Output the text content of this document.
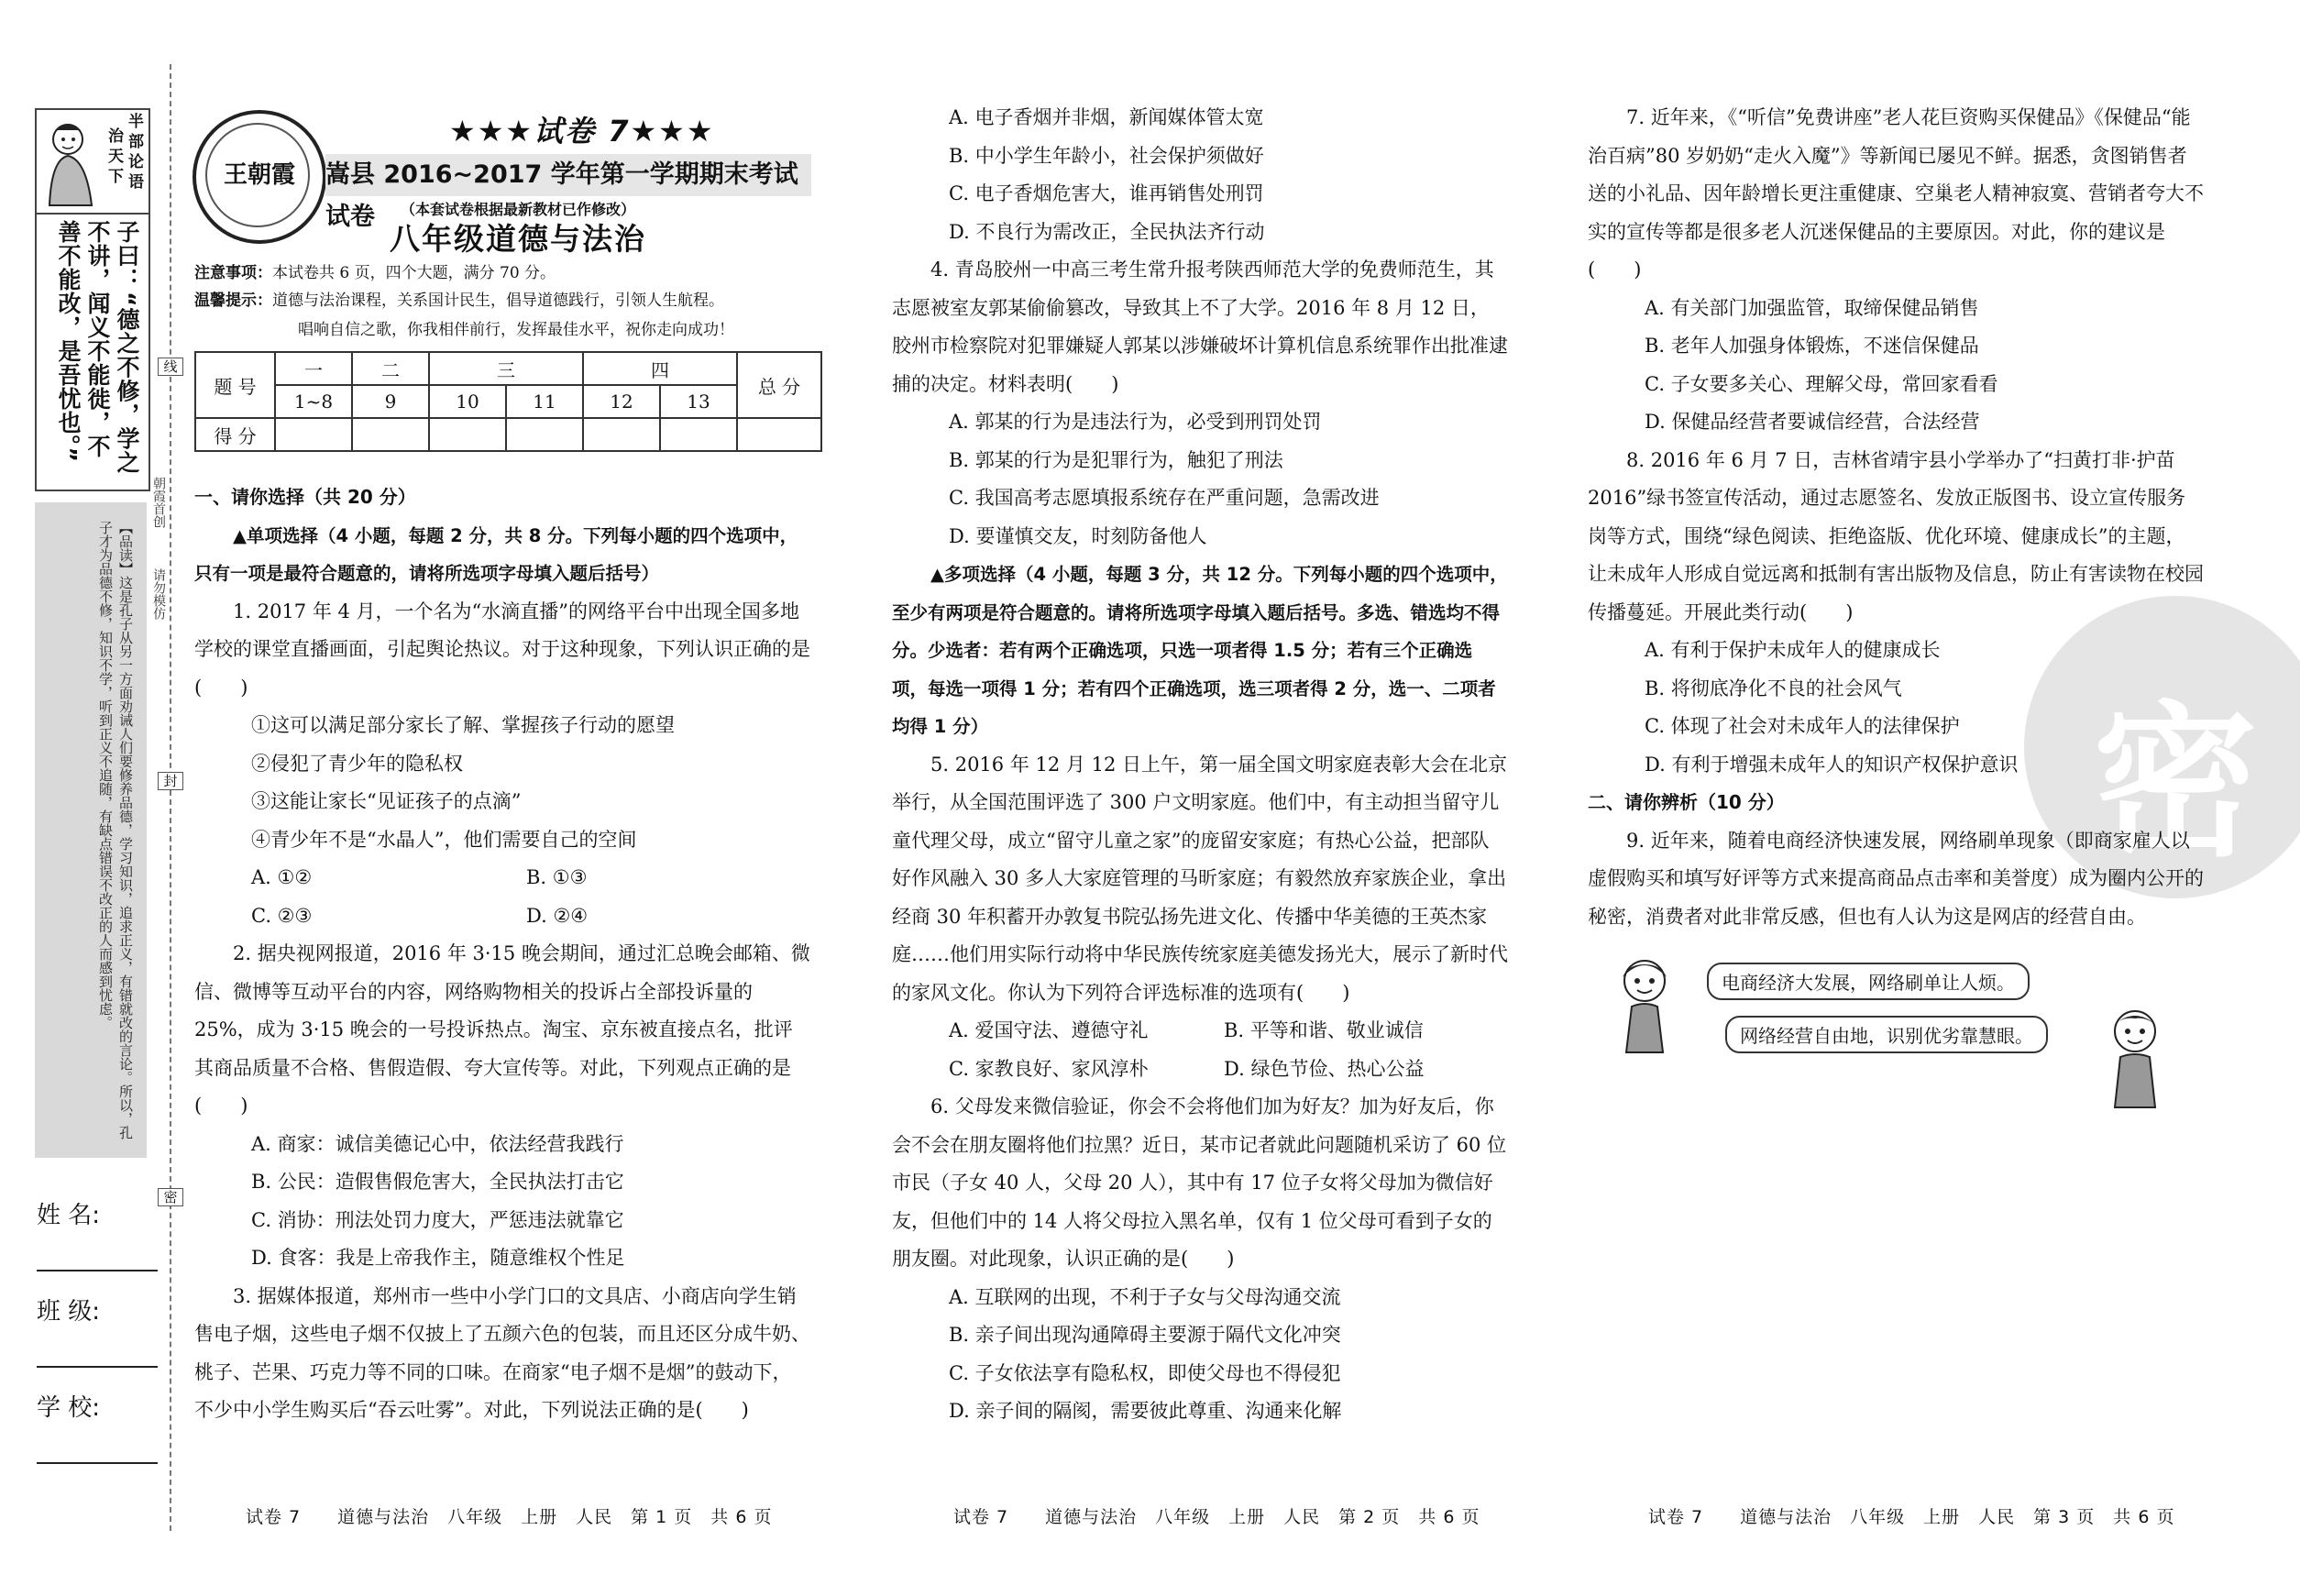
半
部
论
语
治
天
下
子曰：“德之不修，学之不讲，闻义不能徙，不善不能改，是吾忧也。”
【品读】这是孔子从另一方面劝诫人们要修养品德，学习知识，追求正义，有错就改的言论。所以，孔子才为品德不修，知识不学，听到正义不追随，有缺点错误不改正的人而感到忧虑。
线
封
密
朝霞首创
请勿模仿
姓 名:
班 级:
学 校:
王朝霞
★★★试卷 7★★★
嵩县 2016~2017 学年第一学期期末考试试卷	（本套试卷根据最新教材已作修改）
八年级道德与法治
注意事项：本试卷共 6 页，四个大题，满分 70 分。
温馨提示：道德与法治课程，关系国计民生，倡导道德践行，引领人生航程。
唱响自信之歌，你我相伴前行，发挥最佳水平，祝你走向成功！
题 号	一	二	三		四		总 分
	1~8	9	10	11	12	13	
得 分							

一、请你选择（共 20 分）

▲单项选择（4 小题，每题 2 分，共 8 分。下列每小题的四个选项中，只有一项是最符合题意的，请将所选项字母填入题后括号）

1. 2017 年 4 月，一个名为“水滴直播”的网络平台中出现全国多地学校的课堂直播画面，引起舆论热议。对于这种现象，下列认识正确的是(　　)

①这可以满足部分家长了解、掌握孩子行动的愿望

②侵犯了青少年的隐私权

③这能让家长“见证孩子的点滴”

④青少年不是“水晶人”，他们需要自己的空间

A. ①②	B. ①③
C. ②③	D. ②④

2. 据央视网报道，2016 年 3·15 晚会期间，通过汇总晚会邮箱、微信、微博等互动平台的内容，网络购物相关的投诉占全部投诉量的 25%，成为 3·15 晚会的一号投诉热点。淘宝、京东被直接点名，批评其商品质量不合格、售假造假、夸大宣传等。对此，下列观点正确的是(　　)

A. 商家：诚信美德记心中，依法经营我践行

B. 公民：造假售假危害大，全民执法打击它

C. 消协：刑法处罚力度大，严惩违法就靠它

D. 食客：我是上帝我作主，随意维权个性足

3. 据媒体报道，郑州市一些中小学门口的文具店、小商店向学生销售电子烟，这些电子烟不仅披上了五颜六色的包装，而且还区分成牛奶、桃子、芒果、巧克力等不同的口味。在商家“电子烟不是烟”的鼓动下，不少中小学生购买后“吞云吐雾”。对此，下列说法正确的是(　　)

A. 电子香烟并非烟，新闻媒体管太宽

B. 中小学生年龄小，社会保护须做好

C. 电子香烟危害大，谁再销售处刑罚

D. 不良行为需改正，全民执法齐行动

4. 青岛胶州一中高三考生常升报考陕西师范大学的免费师范生，其志愿被室友郭某偷偷篡改，导致其上不了大学。2016 年 8 月 12 日，胶州市检察院对犯罪嫌疑人郭某以涉嫌破坏计算机信息系统罪作出批准逮捕的决定。材料表明(　　)

A. 郭某的行为是违法行为，必受到刑罚处罚

B. 郭某的行为是犯罪行为，触犯了刑法

C. 我国高考志愿填报系统存在严重问题，急需改进

D. 要谨慎交友，时刻防备他人

▲多项选择（4 小题，每题 3 分，共 12 分。下列每小题的四个选项中，至少有两项是符合题意的。请将所选项字母填入题后括号。多选、错选均不得分。少选者：若有两个正确选项，只选一项者得 1.5 分；若有三个正确选项，每选一项得 1 分；若有四个正确选项，选三项者得 2 分，选一、二项者均得 1 分）

5. 2016 年 12 月 12 日上午，第一届全国文明家庭表彰大会在北京举行，从全国范围评选了 300 户文明家庭。他们中，有主动担当留守儿童代理父母，成立“留守儿童之家”的庞留安家庭；有热心公益，把部队好作风融入 30 多人大家庭管理的马昕家庭；有毅然放弃家族企业，拿出经商 30 年积蓄开办敦复书院弘扬先进文化、传播中华美德的王英杰家庭……他们用实际行动将中华民族传统家庭美德发扬光大，展示了新时代的家风文化。你认为下列符合评选标准的选项有(　　)

A. 爱国守法、遵德守礼	B. 平等和谐、敬业诚信
C. 家教良好、家风淳朴	D. 绿色节俭、热心公益

6. 父母发来微信验证，你会不会将他们加为好友？加为好友后，你会不会在朋友圈将他们拉黑？近日，某市记者就此问题随机采访了 60 位市民（子女 40 人，父母 20 人），其中有 17 位子女将父母加为微信好友，但他们中的 14 人将父母拉入黑名单，仅有 1 位父母可看到子女的朋友圈。对此现象，认识正确的是(　　)

A. 互联网的出现，不利于子女与父母沟通交流

B. 亲子间出现沟通障碍主要源于隔代文化冲突

C. 子女依法享有隐私权，即使父母也不得侵犯

D. 亲子间的隔阂，需要彼此尊重、沟通来化解

密

7. 近年来，《“听信”免费讲座”老人花巨资购买保健品》《保健品“能治百病”80 岁奶奶“走火入魔”》等新闻已屡见不鲜。据悉，贪图销售者送的小礼品、因年龄增长更注重健康、空巢老人精神寂寞、营销者夸大不实的宣传等都是很多老人沉迷保健品的主要原因。对此，你的建议是(　　)

A. 有关部门加强监管，取缔保健品销售

B. 老年人加强身体锻炼，不迷信保健品

C. 子女要多关心、理解父母，常回家看看

D. 保健品经营者要诚信经营，合法经营

8. 2016 年 6 月 7 日，吉林省靖宇县小学举办了“扫黄打非·护苗 2016”绿书签宣传活动，通过志愿签名、发放正版图书、设立宣传服务岗等方式，围绕“绿色阅读、拒绝盗版、优化环境、健康成长”的主题，让未成年人形成自觉远离和抵制有害出版物及信息，防止有害读物在校园传播蔓延。开展此类行动(　　)

A. 有利于保护未成年人的健康成长

B. 将彻底净化不良的社会风气

C. 体现了社会对未成年人的法律保护

D. 有利于增强未成年人的知识产权保护意识

二、请你辨析（10 分）

9. 近年来，随着电商经济快速发展，网络刷单现象（即商家雇人以虚假购买和填写好评等方式来提高商品点击率和美誉度）成为圈内公开的秘密，消费者对此非常反感，但也有人认为这是网店的经营自由。

电商经济大发展，网络刷单让人烦。
网络经营自由地，识别优劣靠慧眼。
试卷 7　　道德与法治　八年级　上册　人民　第 1 页　共 6 页	试卷 7　　道德与法治　八年级　上册　人民　第 2 页　共 6 页	试卷 7　　道德与法治　八年级　上册　人民　第 3 页　共 6 页
